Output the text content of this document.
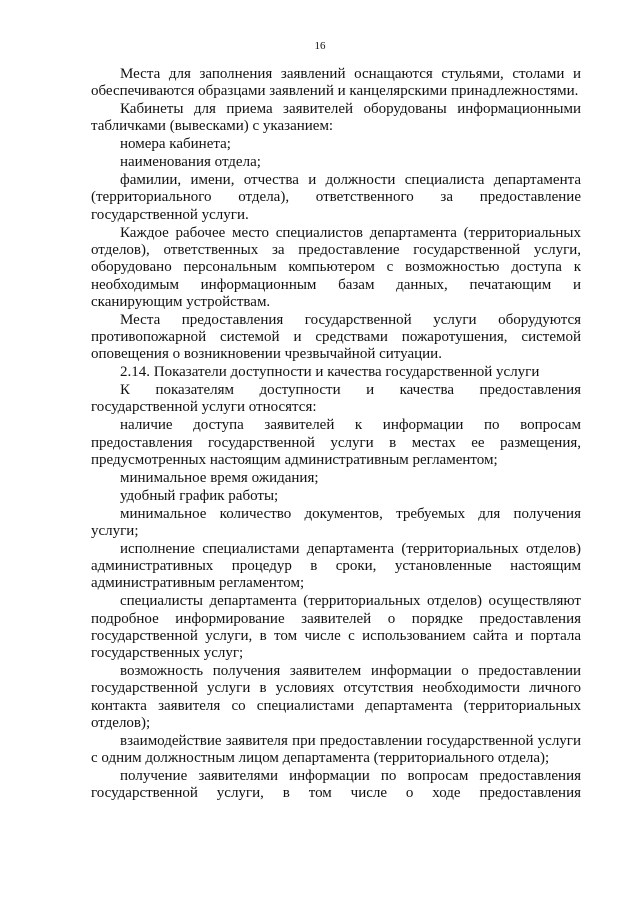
16

Места для заполнения заявлений оснащаются стульями, столами и обеспечиваются образцами заявлений и канцелярскими принадлежностями.

Кабинеты для приема заявителей оборудованы информационными табличками (вывесками) с указанием:

номера кабинета;

наименования отдела;

фамилии, имени, отчества и должности специалиста департамента (территориального отдела), ответственного за предоставление государственной услуги.

Каждое рабочее место специалистов департамента (территориальных отделов), ответственных за предоставление государственной услуги, оборудовано персональным компьютером с возможностью доступа к необходимым информационным базам данных, печатающим и сканирующим устройствам.

Места предоставления государственной услуги оборудуются противопожарной системой и средствами пожаротушения, системой оповещения о возникновении чрезвычайной ситуации.

2.14. Показатели доступности и качества государственной услуги

К показателям доступности и качества предоставления государственной услуги относятся:

наличие доступа заявителей к информации по вопросам предоставления государственной услуги в местах ее размещения, предусмотренных настоящим административным регламентом;

минимальное время ожидания;

удобный график работы;

минимальное количество документов, требуемых для получения услуги;

исполнение специалистами департамента (территориальных отделов) административных процедур в сроки, установленные настоящим административным регламентом;

специалисты департамента (территориальных отделов) осуществляют подробное информирование заявителей о порядке предоставления государственной услуги, в том числе с использованием сайта и портала государственных услуг;

возможность получения заявителем информации о предоставлении государственной услуги в условиях отсутствия необходимости личного контакта заявителя со специалистами департамента (территориальных отделов);

взаимодействие заявителя при предоставлении государственной услуги с одним должностным лицом департамента (территориального отдела);

получение заявителями информации по вопросам предоставления государственной услуги, в том числе о ходе предоставления
